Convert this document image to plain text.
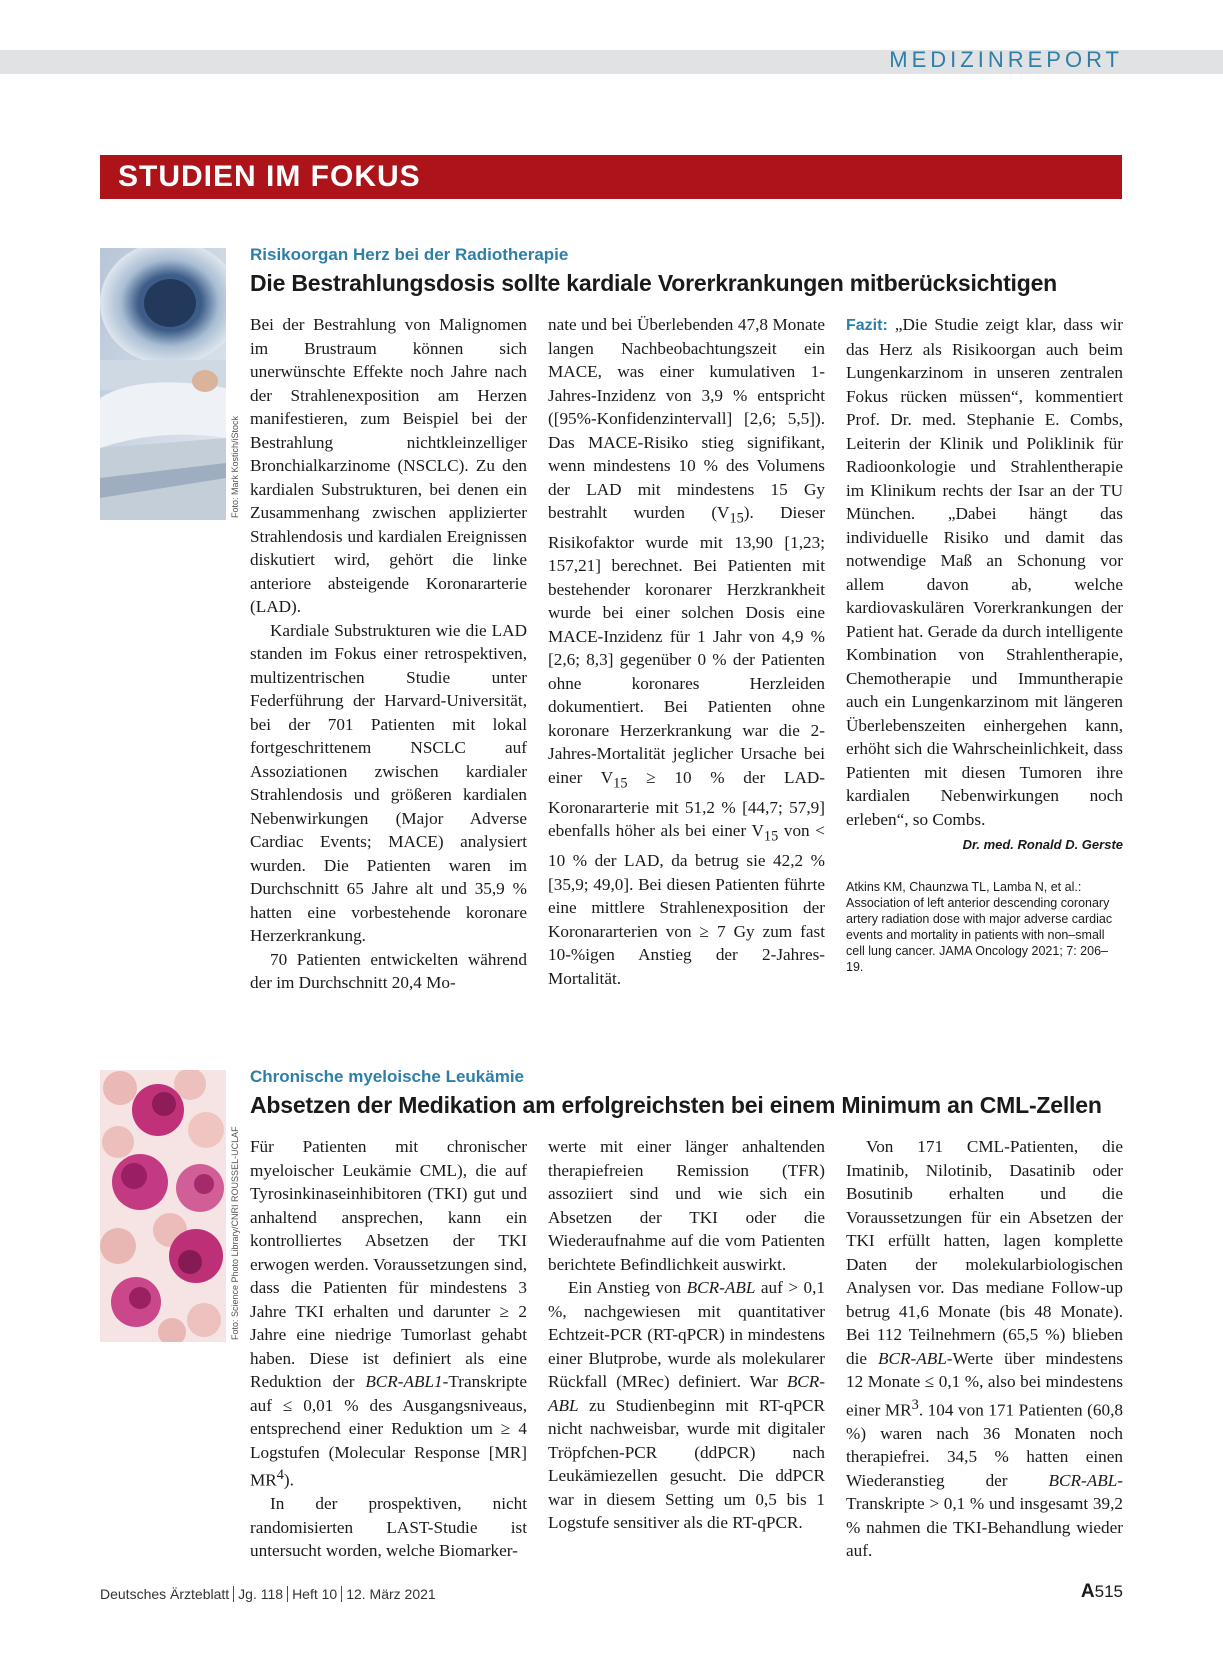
MEDIZINREPORT
STUDIEN IM FOKUS
Foto: Mark Kostich/iStock
Risikoorgan Herz bei der Radiotherapie
Die Bestrahlungsdosis sollte kardiale Vorerkrankungen mitberücksichtigen

Bei der Bestrahlung von Malignomen im Brustraum können sich unerwünschte Effekte noch Jahre nach der Strahlenexposition am Herzen manifestieren, zum Beispiel bei der Bestrahlung nichtkleinzelliger Bronchialkarzinome (NSCLC). Zu den kardialen Substrukturen, bei denen ein Zusammenhang zwischen applizierter Strahlendosis und kardialen Ereignissen diskutiert wird, gehört die linke anteriore absteigende Koronararterie (LAD).

Kardiale Substrukturen wie die LAD standen im Fokus einer retrospektiven, multizentrischen Studie unter Federführung der Harvard-Universität, bei der 701 Patienten mit lokal fortgeschrittenem NSCLC auf Assoziationen zwischen kardialer Strahlendosis und größeren kardialen Nebenwirkungen (Major Adverse Cardiac Events; MACE) analysiert wurden. Die Patienten waren im Durchschnitt 65 Jahre alt und 35,9 % hatten eine vorbestehende koronare Herzerkrankung.

70 Patienten entwickelten während der im Durchschnitt 20,4 Mo-

nate und bei Überlebenden 47,8 Monate langen Nachbeobachtungszeit ein MACE, was einer kumulativen 1-Jahres-Inzidenz von 3,9 % entspricht ([95%-Konfidenzintervall] [2,6; 5,5]). Das MACE-Risiko stieg signifikant, wenn mindestens 10 % des Volumens der LAD mit mindestens 15 Gy bestrahlt wurden $(V_{15})$. Dieser Risikofaktor wurde mit 13,90 [1,23; 157,21] berechnet. Bei Patienten mit bestehender koronarer Herzkrankheit wurde bei einer solchen Dosis eine MACE-Inzidenz für 1 Jahr von 4,9 % [2,6; 8,3] gegenüber 0 % der Patienten ohne koronares Herzleiden dokumentiert. Bei Patienten ohne koronare Herzerkrankung war die 2-Jahres-Mortalität jeglicher Ursache bei einer $V_{15} \ge 10$ % der LAD-Koronararterie mit 51,2 % [44,7; 57,9] ebenfalls höher als bei einer $V_{15}$ von < 10 % der LAD, da betrug sie 42,2 % [35,9; 49,0]. Bei diesen Patienten führte eine mittlere Strahlenexposition der Koronararterien von ≥ 7 Gy zum fast 10-%igen Anstieg der 2-Jahres-Mortalität.

Fazit: „Die Studie zeigt klar, dass wir das Herz als Risikoorgan auch beim Lungenkarzinom in unseren zentralen Fokus rücken müssen“, kommentiert Prof. Dr. med. Stephanie E. Combs, Leiterin der Klinik und Poliklinik für Radioonkologie und Strahlentherapie im Klinikum rechts der Isar an der TU München. „Dabei hängt das individuelle Risiko und damit das notwendige Maß an Schonung vor allem davon ab, welche kardiovaskulären Vorerkrankungen der Patient hat. Gerade da durch intelligente Kombination von Strahlentherapie, Chemotherapie und Immuntherapie auch ein Lungenkarzinom mit längeren Überlebenszeiten einhergehen kann, erhöht sich die Wahrscheinlichkeit, dass Patienten mit diesen Tumoren ihre kardialen Nebenwirkungen noch erleben“, so Combs.

Dr. med. Ronald D. Gerste
Atkins KM, Chaunzwa TL, Lamba N, et al.: Association of left anterior descending coronary artery radiation dose with major adverse cardiac events and mortality in patients with non–small cell lung cancer. JAMA Oncology 2021; 7: 206–19.
Foto: Science Photo Library/CNRI ROUSSEL-UCLAF
Chronische myeloische Leukämie
Absetzen der Medikation am erfolgreichsten bei einem Minimum an CML-Zellen

Für Patienten mit chronischer myeloischer Leukämie CML), die auf Tyrosinkinaseinhibitoren (TKI) gut und anhaltend ansprechen, kann ein kontrolliertes Absetzen der TKI erwogen werden. Voraussetzungen sind, dass die Patienten für mindestens 3 Jahre TKI erhalten und darunter ≥ 2 Jahre eine niedrige Tumorlast gehabt haben. Diese ist definiert als eine Reduktion der BCR-ABL1-Transkripte auf ≤ 0,01 % des Ausgangsniveaus, entsprechend einer Reduktion um ≥ 4 Logstufen (Molecular Response [MR] $MR^4$).

In der prospektiven, nicht randomisierten LAST-Studie ist untersucht worden, welche Biomarker-

werte mit einer länger anhaltenden therapiefreien Remission (TFR) assoziiert sind und wie sich ein Absetzen der TKI oder die Wiederaufnahme auf die vom Patienten berichtete Befindlichkeit auswirkt.

Ein Anstieg von BCR-ABL auf > 0,1 %, nachgewiesen mit quantitativer Echtzeit-PCR (RT-qPCR) in mindestens einer Blutprobe, wurde als molekularer Rückfall (MRec) definiert. War BCR-ABL zu Studienbeginn mit RT-qPCR nicht nachweisbar, wurde mit digitaler Tröpfchen-PCR (ddPCR) nach Leukämiezellen gesucht. Die ddPCR war in diesem Setting um 0,5 bis 1 Logstufe sensitiver als die RT-qPCR.

Von 171 CML-Patienten, die Imatinib, Nilotinib, Dasatinib oder Bosutinib erhalten und die Voraussetzungen für ein Absetzen der TKI erfüllt hatten, lagen komplette Daten der molekularbiologischen Analysen vor. Das mediane Follow-up betrug 41,6 Monate (bis 48 Monate). Bei 112 Teilnehmern (65,5 %) blieben die BCR-ABL-Werte über mindestens 12 Monate ≤ 0,1 %, also bei mindestens einer $MR^3$. 104 von 171 Patienten (60,8 %) waren nach 36 Monaten noch therapiefrei. 34,5 % hatten einen Wiederanstieg der BCR-ABL-Transkripte > 0,1 % und insgesamt 39,2 % nahmen die TKI-Behandlung wieder auf.

Deutsches Ärzteblatt Jg. 118 Heft 10 12. März 2021	A515
